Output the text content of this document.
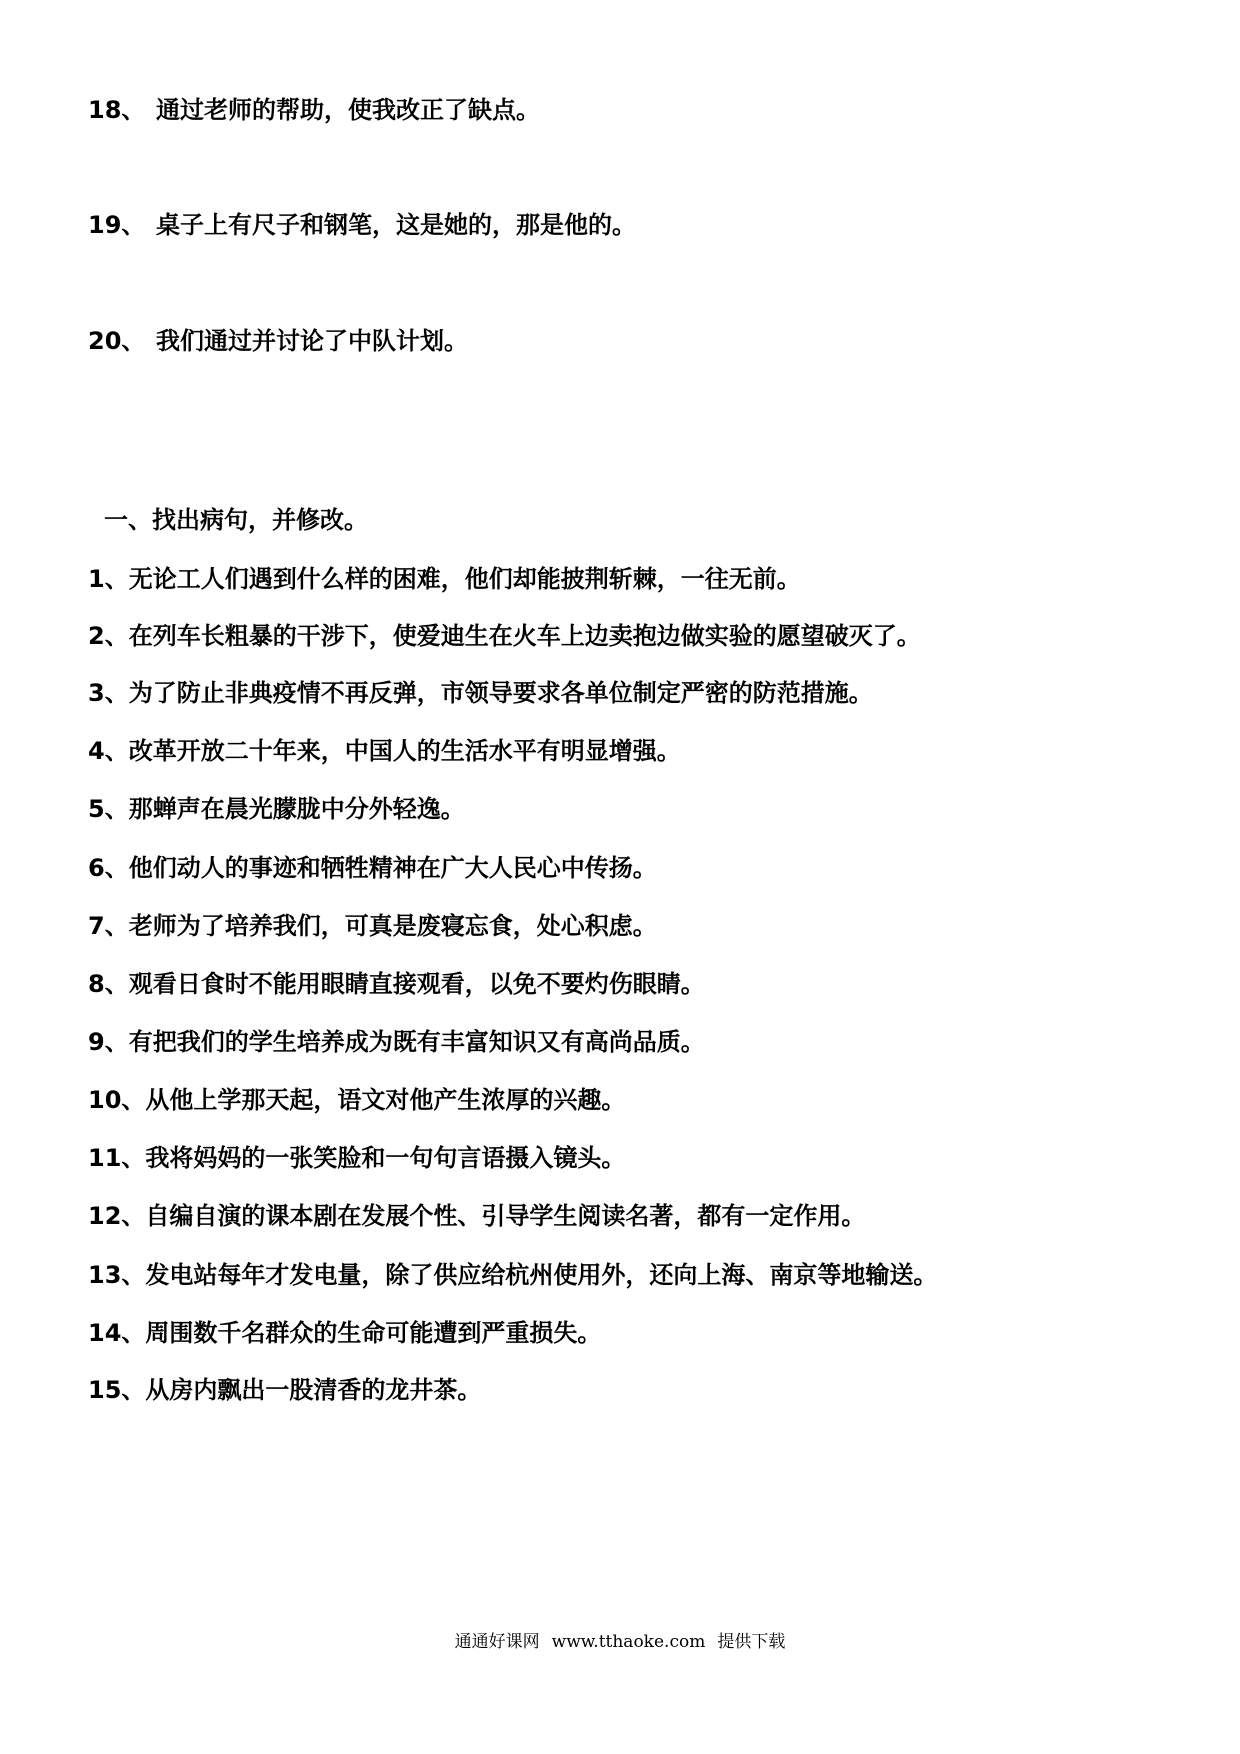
18、 通过老师的帮助，使我改正了缺点。
19、 桌子上有尺子和钢笔，这是她的，那是他的。
20、 我们通过并讨论了中队计划。
一、找出病句，并修改。
1、无论工人们遇到什么样的困难，他们却能披荆斩棘，一往无前。
2、在列车长粗暴的干涉下，使爱迪生在火车上边卖抱边做实验的愿望破灭了。
3、为了防止非典疫情不再反弹，市领导要求各单位制定严密的防范措施。
4、改革开放二十年来，中国人的生活水平有明显增强。
5、那蝉声在晨光朦胧中分外轻逸。
6、他们动人的事迹和牺牲精神在广大人民心中传扬。
7、老师为了培养我们，可真是废寝忘食，处心积虑。
8、观看日食时不能用眼睛直接观看，以免不要灼伤眼睛。
9、有把我们的学生培养成为既有丰富知识又有高尚品质。
10、从他上学那天起，语文对他产生浓厚的兴趣。
11、我将妈妈的一张笑脸和一句句言语摄入镜头。
12、自编自演的课本剧在发展个性、引导学生阅读名著，都有一定作用。
13、发电站每年才发电量，除了供应给杭州使用外，还向上海、南京等地输送。
14、周围数千名群众的生命可能遭到严重损失。
15、从房内飘出一股清香的龙井茶。
通通好课网 www.tthaoke.com 提供下载
